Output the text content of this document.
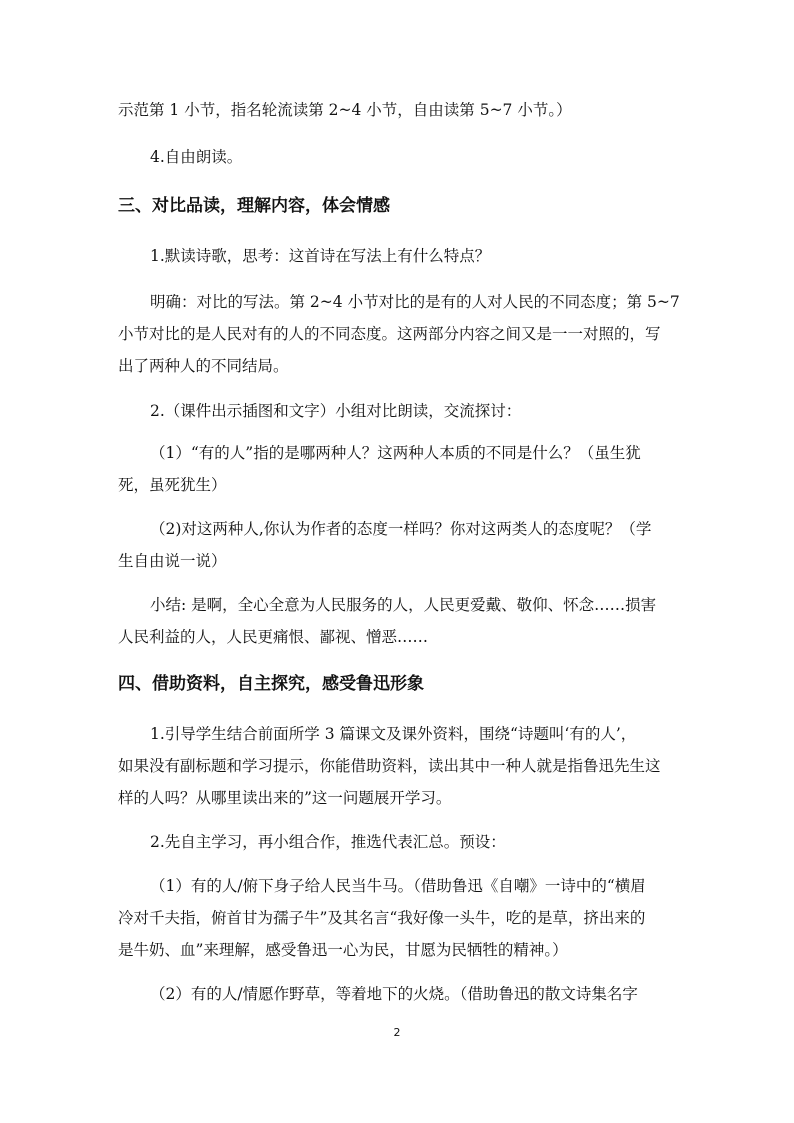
示范第 1 小节，指名轮流读第 2~4 小节，自由读第 5~7 小节。）
4.自由朗读。
三、对比品读，理解内容，体会情感
1.默读诗歌，思考：这首诗在写法上有什么特点？
明确：对比的写法。第 2~4 小节对比的是有的人对人民的不同态度；第 5~7
小节对比的是人民对有的人的不同态度。这两部分内容之间又是一一对照的，写
出了两种人的不同结局。
2.（课件出示插图和文字）小组对比朗读，交流探讨：
（1）“有的人”指的是哪两种人？这两种人本质的不同是什么？（虽生犹
死，虽死犹生）
（2)对这两种人,你认为作者的态度一样吗？你对这两类人的态度呢？（学
生自由说一说）
小结: 是啊，全心全意为人民服务的人，人民更爱戴、敬仰、怀念……损害
人民利益的人，人民更痛恨、鄙视、憎恶……
四、借助资料，自主探究，感受鲁迅形象
1.引导学生结合前面所学 3 篇课文及课外资料，围绕“诗题叫‘有的人’，
如果没有副标题和学习提示，你能借助资料，读出其中一种人就是指鲁迅先生这
样的人吗？从哪里读出来的”这一问题展开学习。
2.先自主学习，再小组合作，推选代表汇总。预设：
（1）有的人/俯下身子给人民当牛马。（借助鲁迅《自嘲》一诗中的“横眉
冷对千夫指，俯首甘为孺子牛”及其名言“我好像一头牛，吃的是草，挤出来的
是牛奶、血”来理解，感受鲁迅一心为民，甘愿为民牺牲的精神。）
（2）有的人/情愿作野草，等着地下的火烧。（借助鲁迅的散文诗集名字
2
